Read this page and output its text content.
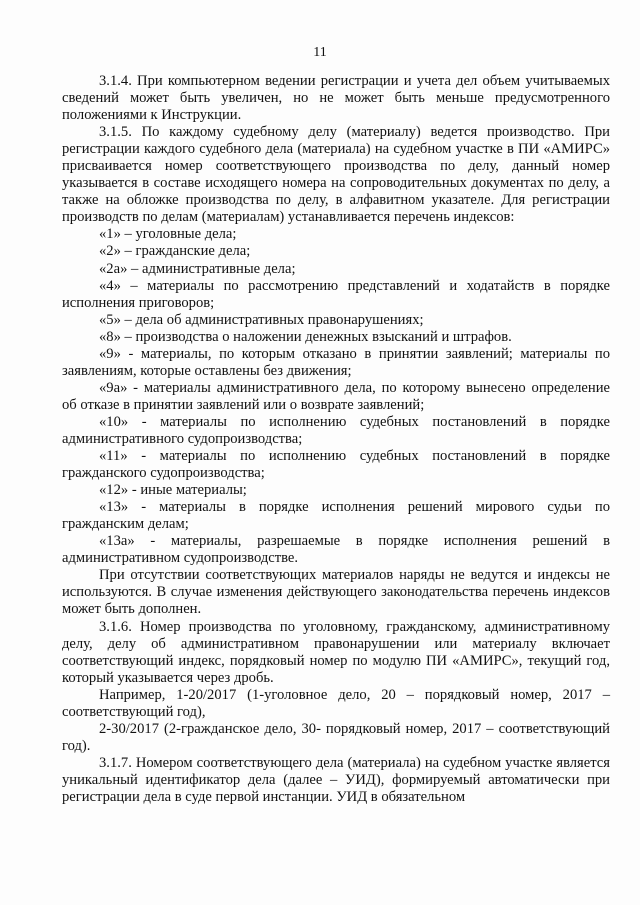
11

3.1.4. При компьютерном ведении регистрации и учета дел объем учитываемых сведений может быть увеличен, но не может быть меньше предусмотренного положениями к Инструкции.

3.1.5. По каждому судебному делу (материалу) ведется производство. При регистрации каждого судебного дела (материала) на судебном участке в ПИ «АМИРС» присваивается номер соответствующего производства по делу, данный номер указывается в составе исходящего номера на сопроводительных документах по делу, а также на обложке производства по делу, в алфавитном указателе. Для регистрации производств по делам (материалам) устанавливается перечень индексов:

«1» – уголовные дела;

«2» – гражданские дела;

«2а» – административные дела;

«4» – материалы по рассмотрению представлений и ходатайств в порядке исполнения приговоров;

«5» – дела об административных правонарушениях;

«8» – производства о наложении денежных взысканий и штрафов.

«9» - материалы, по которым отказано в принятии заявлений; материалы по заявлениям, которые оставлены без движения;

«9а» - материалы административного дела, по которому вынесено определение об отказе в принятии заявлений или о возврате заявлений;

«10» - материалы по исполнению судебных постановлений в порядке административного судопроизводства;

«11» - материалы по исполнению судебных постановлений в порядке гражданского судопроизводства;

«12» - иные материалы;

«13» - материалы в порядке исполнения решений мирового судьи по гражданским делам;

«13а» - материалы, разрешаемые в порядке исполнения решений в административном судопроизводстве.

При отсутствии соответствующих материалов наряды не ведутся и индексы не используются. В случае изменения действующего законодательства перечень индексов может быть дополнен.

3.1.6. Номер производства по уголовному, гражданскому, административному делу, делу об административном правонарушении или материалу включает соответствующий индекс, порядковый номер по модулю ПИ «АМИРС», текущий год, который указывается через дробь.

Например, 1-20/2017 (1-уголовное дело, 20 – порядковый номер, 2017 – соответствующий год),

2-30/2017 (2-гражданское дело, 30- порядковый номер, 2017 – соответствующий год).

3.1.7. Номером соответствующего дела (материала) на судебном участке является уникальный идентификатор дела (далее – УИД), формируемый автоматически при регистрации дела в суде первой инстанции. УИД в обязательном
